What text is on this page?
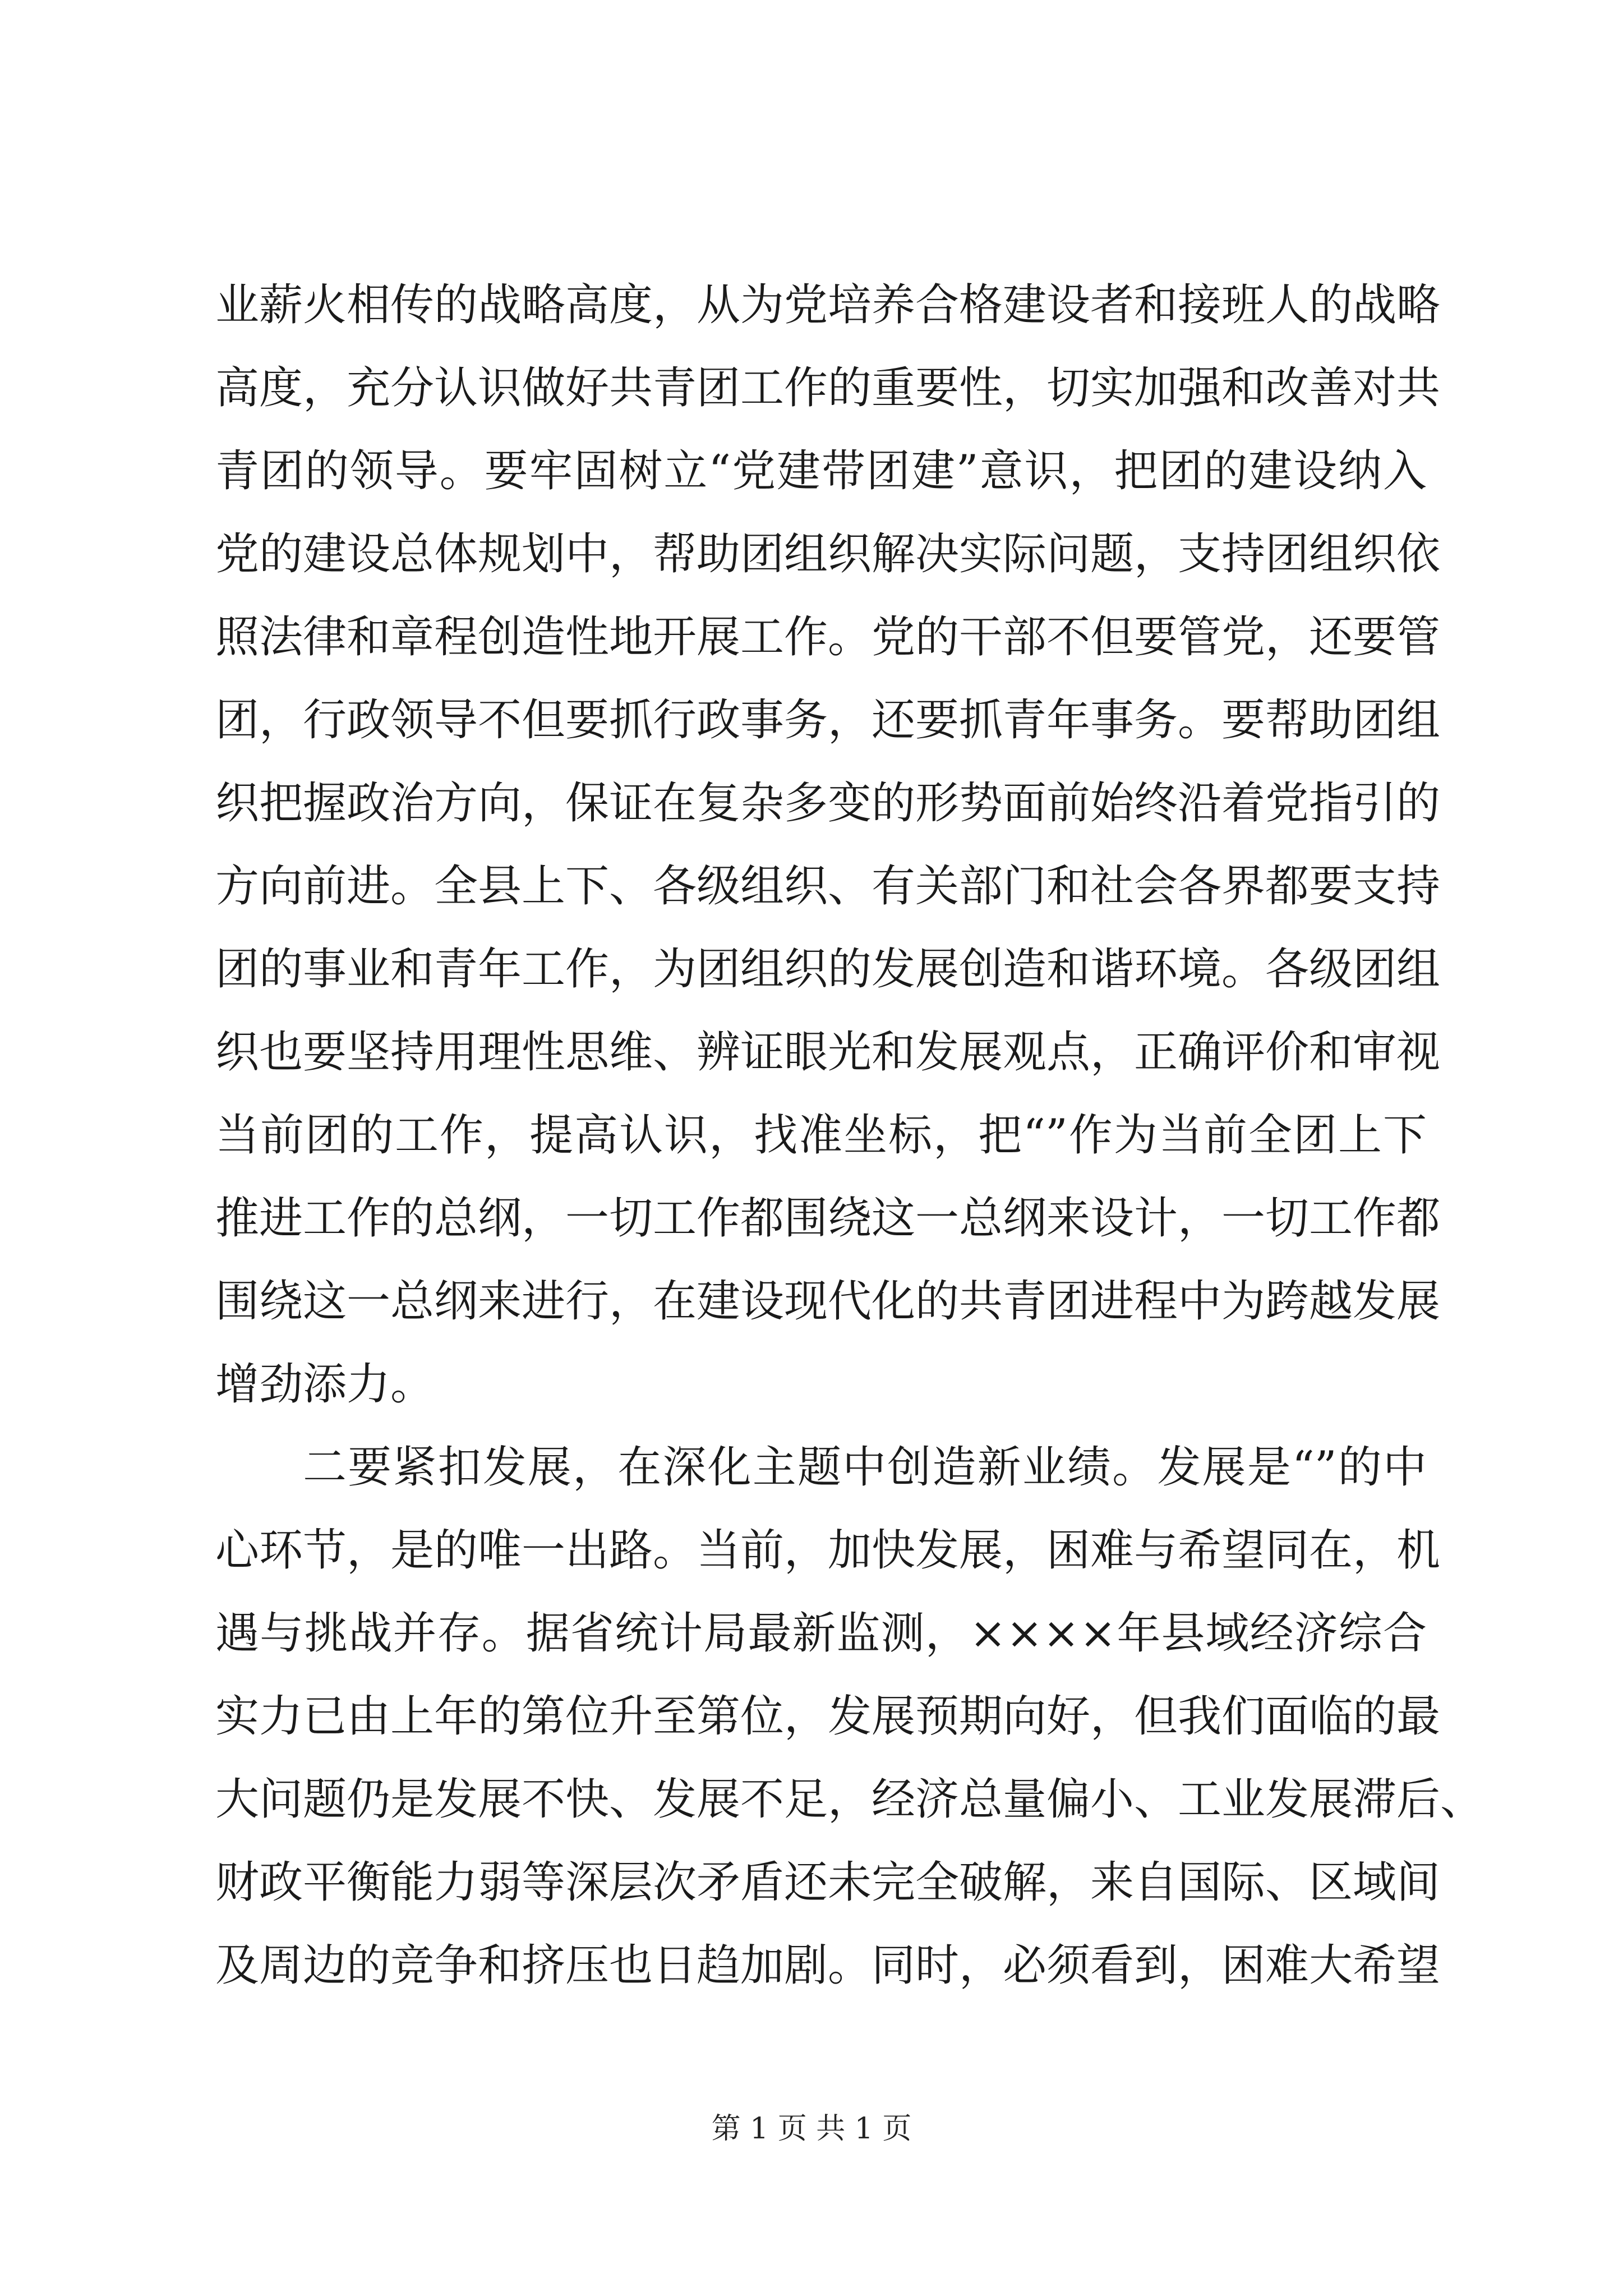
业薪火相传的战略高度，从为党培养合格建设者和接班人的战略
高度，充分认识做好共青团工作的重要性，切实加强和改善对共
青团的领导。要牢固树立“党建带团建”意识，把团的建设纳入
党的建设总体规划中，帮助团组织解决实际问题，支持团组织依
照法律和章程创造性地开展工作。党的干部不但要管党，还要管
团，行政领导不但要抓行政事务，还要抓青年事务。要帮助团组
织把握政治方向，保证在复杂多变的形势面前始终沿着党指引的
方向前进。全县上下、各级组织、有关部门和社会各界都要支持
团的事业和青年工作，为团组织的发展创造和谐环境。各级团组
织也要坚持用理性思维、辨证眼光和发展观点，正确评价和审视
当前团的工作，提高认识，找准坐标，把“”作为当前全团上下
推进工作的总纲，一切工作都围绕这一总纲来设计，一切工作都
围绕这一总纲来进行，在建设现代化的共青团进程中为跨越发展
增劲添力。
二要紧扣发展，在深化主题中创造新业绩。发展是“”的中
心环节，是的唯一出路。当前，加快发展，困难与希望同在，机
遇与挑战并存。据省统计局最新监测，××××年县域经济综合
实力已由上年的第位升至第位，发展预期向好，但我们面临的最
大问题仍是发展不快、发展不足，经济总量偏小、工业发展滞后、
财政平衡能力弱等深层次矛盾还未完全破解，来自国际、区域间
及周边的竞争和挤压也日趋加剧。同时，必须看到，困难大希望
第 1 页 共 1 页
